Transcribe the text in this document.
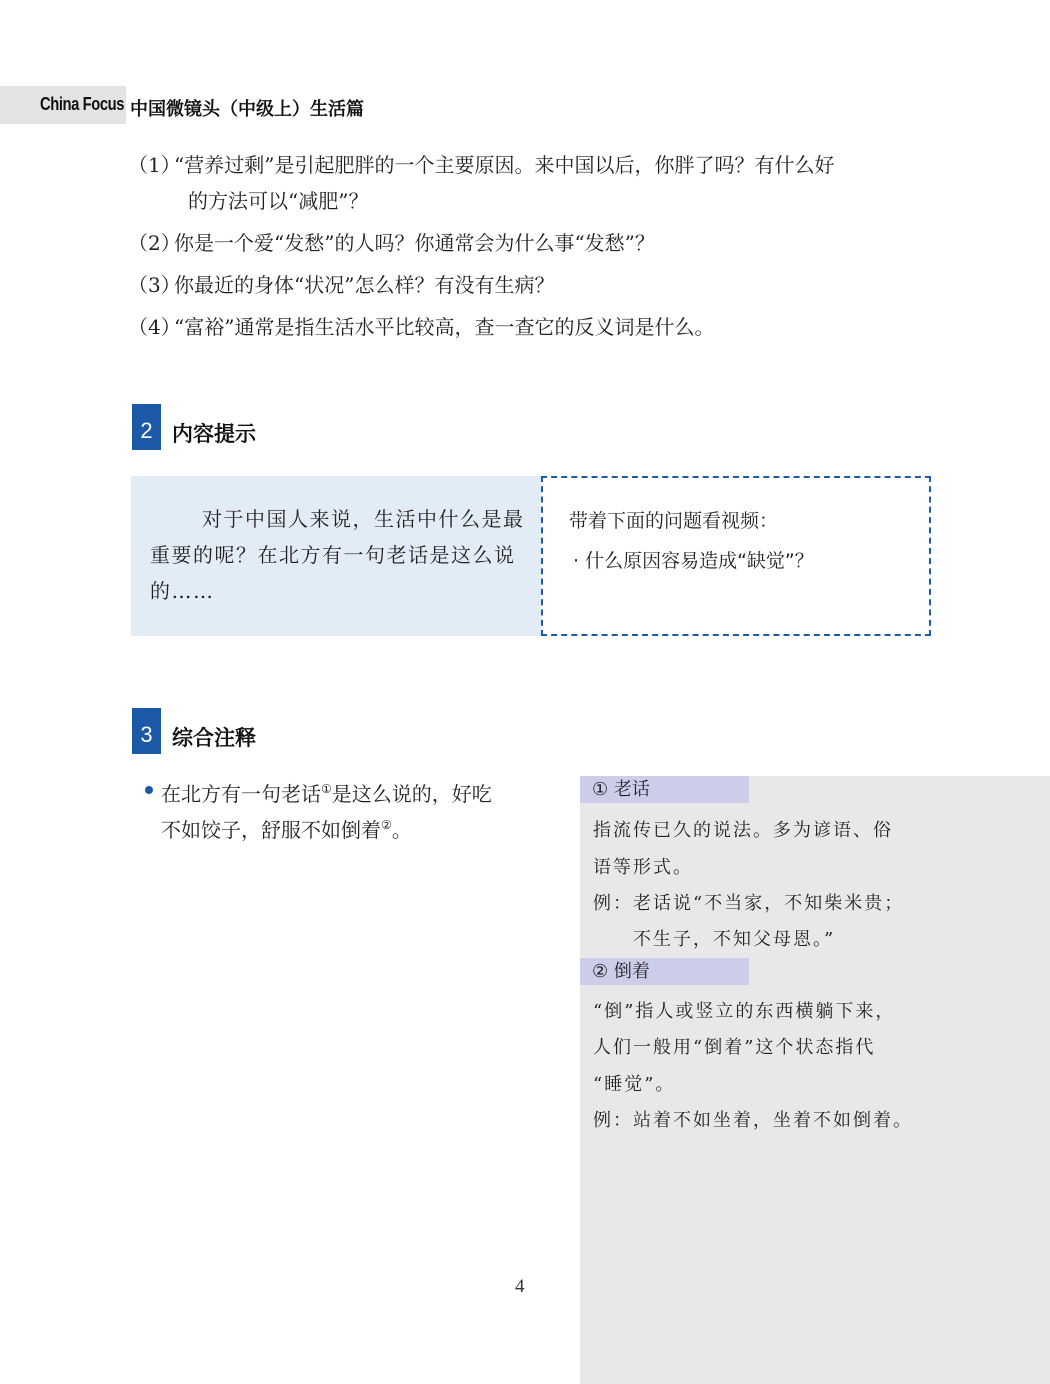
China Focus 中国微镜头（中级上）生活篇
（1）“营养过剩”是引起肥胖的一个主要原因。来中国以后，你胖了吗？有什么好
的方法可以“减肥”？
（2）你是一个爱“发愁”的人吗？你通常会为什么事“发愁”？
（3）你最近的身体“状况”怎么样？有没有生病？
（4）“富裕”通常是指生活水平比较高，查一查它的反义词是什么。
2 内容提示
对于中国人来说，生活中什么是最重要的呢？在北方有一句老话是这么说的……
带着下面的问题看视频：
· 什么原因容易造成“缺觉”？
3 综合注释
在北方有一句老话①是这么说的，好吃
不如饺子，舒服不如倒着②。
① 老话
指流传已久的说法。多为谚语、俗
语等形式。
例：老话说“不当家，不知柴米贵；
　　不生子，不知父母恩。”
② 倒着
“倒”指人或竖立的东西横躺下来，
人们一般用“倒着”这个状态指代
“睡觉”。
例：站着不如坐着，坐着不如倒着。
4
